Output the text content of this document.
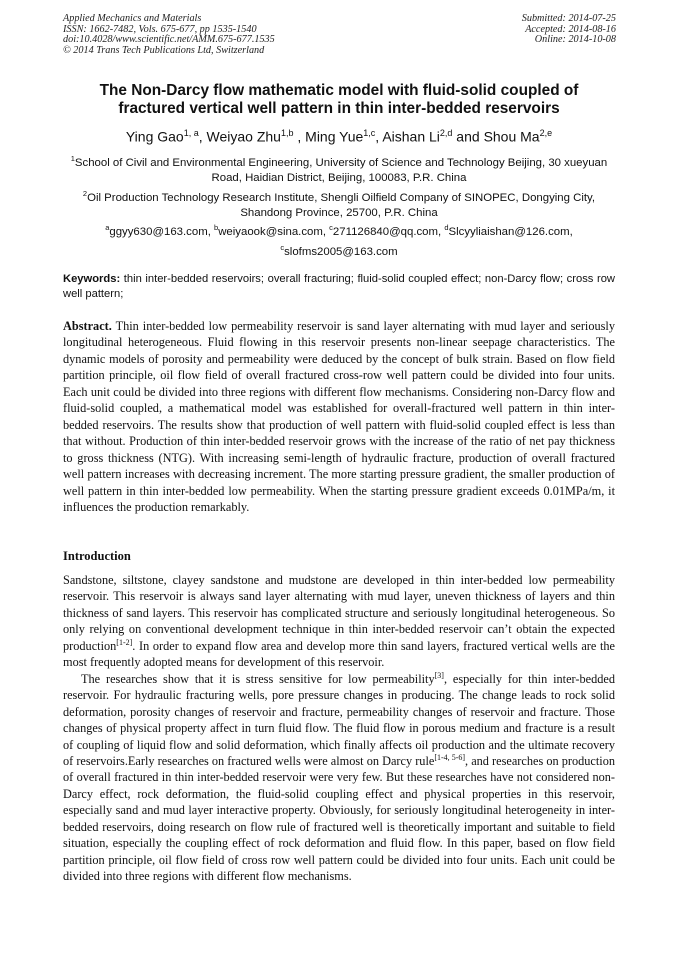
Applied Mechanics and Materials
ISSN: 1662-7482, Vols. 675-677, pp 1535-1540
doi:10.4028/www.scientific.net/AMM.675-677.1535
© 2014 Trans Tech Publications Ltd, Switzerland
Submitted: 2014-07-25
Accepted: 2014-08-16
Online: 2014-10-08
The Non-Darcy flow mathematic model with fluid-solid coupled of
fractured vertical well pattern in thin inter-bedded reservoirs
Ying Gao$^{1, a}$, Weiyao Zhu$^{1,b}$ , Ming Yue$^{1,c}$, Aishan Li$^{2,d}$ and Shou Ma$^{2,e}$
$^1$School of Civil and Environmental Engineering, University of Science and Technology Beijing, 30 xueyuan Road, Haidian District, Beijing, 100083, P.R. China
$^2$Oil Production Technology Research Institute, Shengli Oilfield Company of SINOPEC, Dongying City, Shandong Province, 25700, P.R. China
$^a$ggyy630@163.com, $^b$weiyaook@sina.com, $^c$271126840@qq.com, $^d$Slcyyliaishan@126.com,
$^c$slofms2005@163.com
Keywords: thin inter-bedded reservoirs; overall fracturing; fluid-solid coupled effect; non-Darcy flow; cross row well pattern;
Abstract. Thin inter-bedded low permeability reservoir is sand layer alternating with mud layer and seriously longitudinal heterogeneous. Fluid flowing in this reservoir presents non-linear seepage characteristics. The dynamic models of porosity and permeability were deduced by the concept of bulk strain. Based on flow field partition principle, oil flow field of overall fractured cross-row well pattern could be divided into four units. Each unit could be divided into three regions with different flow mechanisms. Considering non-Darcy flow and fluid-solid coupled, a mathematical model was established for overall-fractured well pattern in thin inter-bedded reservoirs. The results show that production of well pattern with fluid-solid coupled effect is less than that without. Production of thin inter-bedded reservoir grows with the increase of the ratio of net pay thickness to gross thickness (NTG). With increasing semi-length of hydraulic fracture, production of overall fractured well pattern increases with decreasing increment. The more starting pressure gradient, the smaller production of well pattern in thin inter-bedded low permeability. When the starting pressure gradient exceeds 0.01MPa/m, it influences the production remarkably.
Introduction

Sandstone, siltstone, clayey sandstone and mudstone are developed in thin inter-bedded low permeability reservoir. This reservoir is always sand layer alternating with mud layer, uneven thickness of layers and thin thickness of sand layers. This reservoir has complicated structure and seriously longitudinal heterogeneous. So only relying on conventional development technique in thin inter-bedded reservoir can’t obtain the expected production[1-2]. In order to expand flow area and develop more thin sand layers, fractured vertical wells are the most frequently adopted means for development of this reservoir.

The researches show that it is stress sensitive for low permeability[3], especially for thin inter-bedded reservoir. For hydraulic fracturing wells, pore pressure changes in producing. The change leads to rock solid deformation, porosity changes of reservoir and fracture, permeability changes of reservoir and fracture. Those changes of physical property affect in turn fluid flow. The fluid flow in porous medium and fracture is a result of coupling of liquid flow and solid deformation, which finally affects oil production and the ultimate recovery of reservoirs.Early researches on fractured wells were almost on Darcy rule[1-4, 5-6], and researches on production of overall fractured in thin inter-bedded reservoir were very few. But these researches have not considered non-Darcy effect, rock deformation, the fluid-solid coupling effect and physical properties in this reservoir, especially sand and mud layer interactive property. Obviously, for seriously longitudinal heterogeneity in inter-bedded reservoirs, doing research on flow rule of fractured well is theoretically important and suitable to field situation, especially the coupling effect of rock deformation and fluid flow. In this paper, based on flow field partition principle, oil flow field of cross row well pattern could be divided into four units. Each unit could be divided into three regions with different flow mechanisms.
